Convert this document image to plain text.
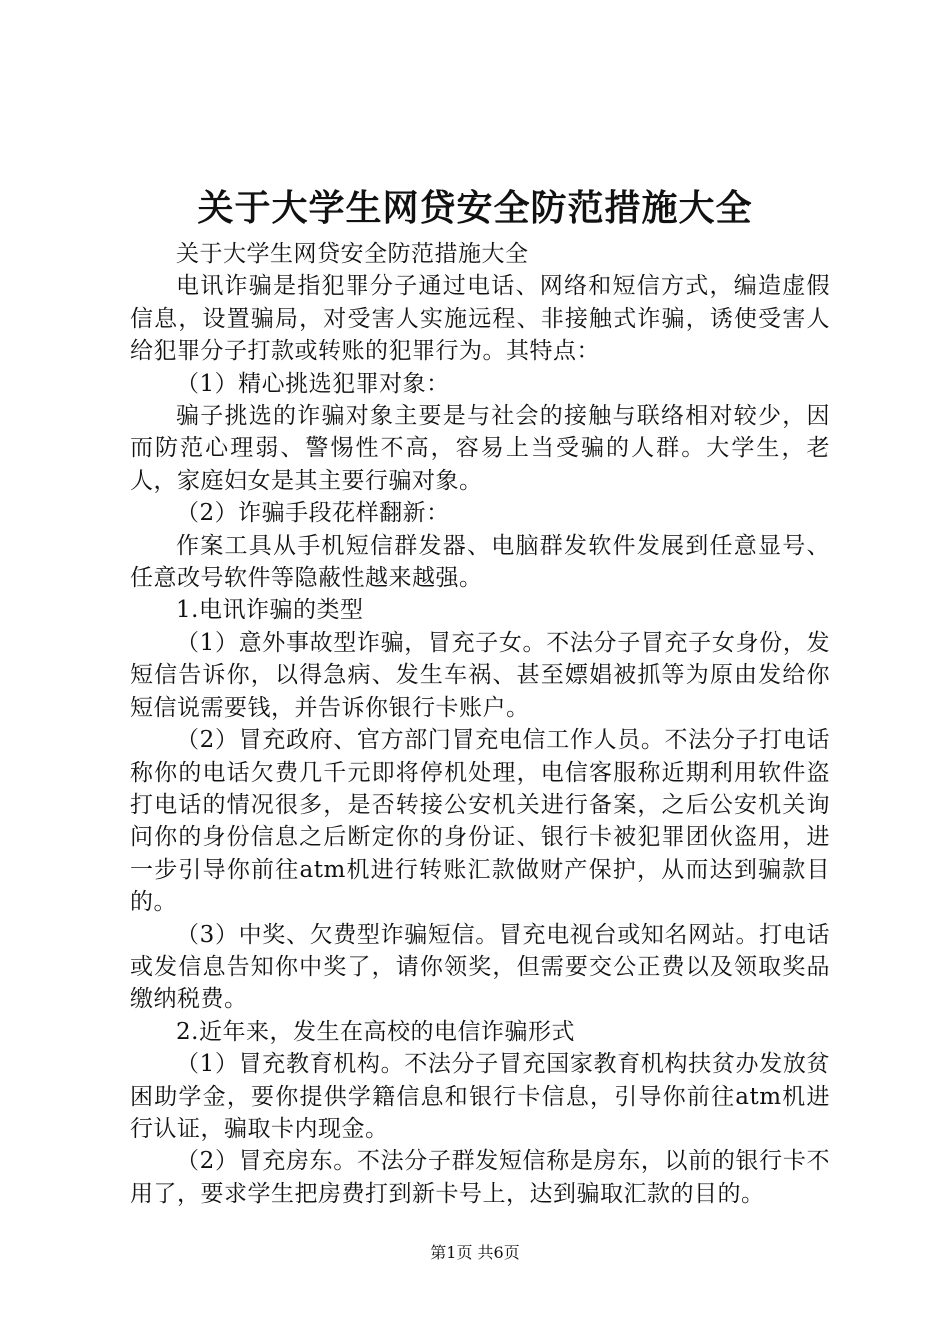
关于大学生网贷安全防范措施大全

关于大学生网贷安全防范措施大全

电讯诈骗是指犯罪分子通过电话、网络和短信方式，编造虚假信息，设置骗局，对受害人实施远程、非接触式诈骗，诱使受害人给犯罪分子打款或转账的犯罪行为。其特点：

（1）精心挑选犯罪对象：

骗子挑选的诈骗对象主要是与社会的接触与联络相对较少，因而防范心理弱、警惕性不高，容易上当受骗的人群。大学生，老人，家庭妇女是其主要行骗对象。

（2）诈骗手段花样翻新：

作案工具从手机短信群发器、电脑群发软件发展到任意显号、任意改号软件等隐蔽性越来越强。

1.电讯诈骗的类型

（1）意外事故型诈骗，冒充子女。不法分子冒充子女身份，发短信告诉你，以得急病、发生车祸、甚至嫖娼被抓等为原由发给你短信说需要钱，并告诉你银行卡账户。

（2）冒充政府、官方部门冒充电信工作人员。不法分子打电话称你的电话欠费几千元即将停机处理，电信客服称近期利用软件盗打电话的情况很多，是否转接公安机关进行备案，之后公安机关询问你的身份信息之后断定你的身份证、银行卡被犯罪团伙盗用，进一步引导你前往atm机进行转账汇款做财产保护，从而达到骗款目的。

（3）中奖、欠费型诈骗短信。冒充电视台或知名网站。打电话或发信息告知你中奖了，请你领奖，但需要交公正费以及领取奖品缴纳税费。

2.近年来，发生在高校的电信诈骗形式

（1）冒充教育机构。不法分子冒充国家教育机构扶贫办发放贫困助学金，要你提供学籍信息和银行卡信息，引导你前往atm机进行认证，骗取卡内现金。

（2）冒充房东。不法分子群发短信称是房东，以前的银行卡不用了，要求学生把房费打到新卡号上，达到骗取汇款的目的。

第1页 共6页
